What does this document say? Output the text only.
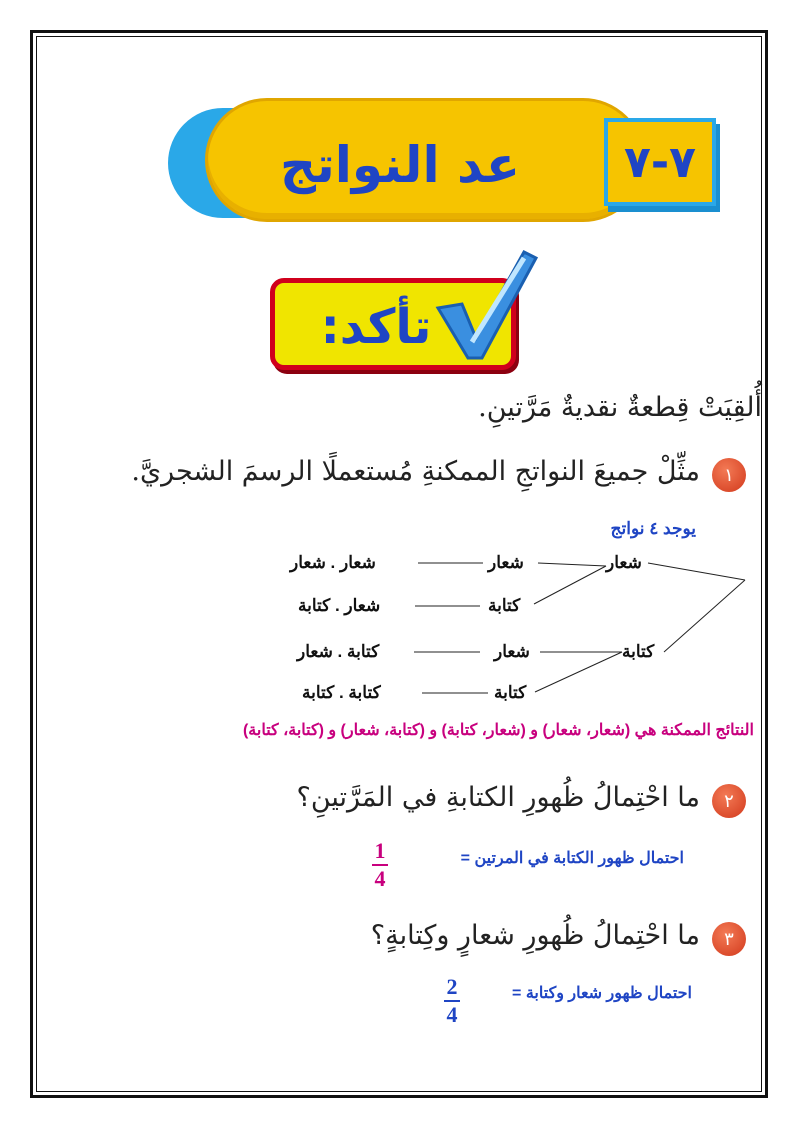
عد النواتج	٧-٧
تأكد:
أُلقِيَتْ قِطعةٌ نقديةٌ مَرَّتينِ.
١
مثِّلْ جميعَ النواتجِ الممكنةِ مُستعملًا الرسمَ الشجريَّ.
يوجد ٤ نواتج
شعار
كتابة
شعار
كتابة
شعار
كتابة
شعار . شعار
شعار . كتابة
كتابة . شعار
كتابة . كتابة
النتائج الممكنة هي (شعار، شعار) و (شعار، كتابة) و (كتابة، شعار) و (كتابة، كتابة)
٢
ما احْتِمالُ ظُهورِ الكتابةِ في المَرَّتينِ؟
احتمال ظهور الكتابة في المرتين =
1
4
٣
ما احْتِمالُ ظُهورِ شعارٍ وكِتابةٍ؟
احتمال ظهور شعار وكتابة =
2
4
